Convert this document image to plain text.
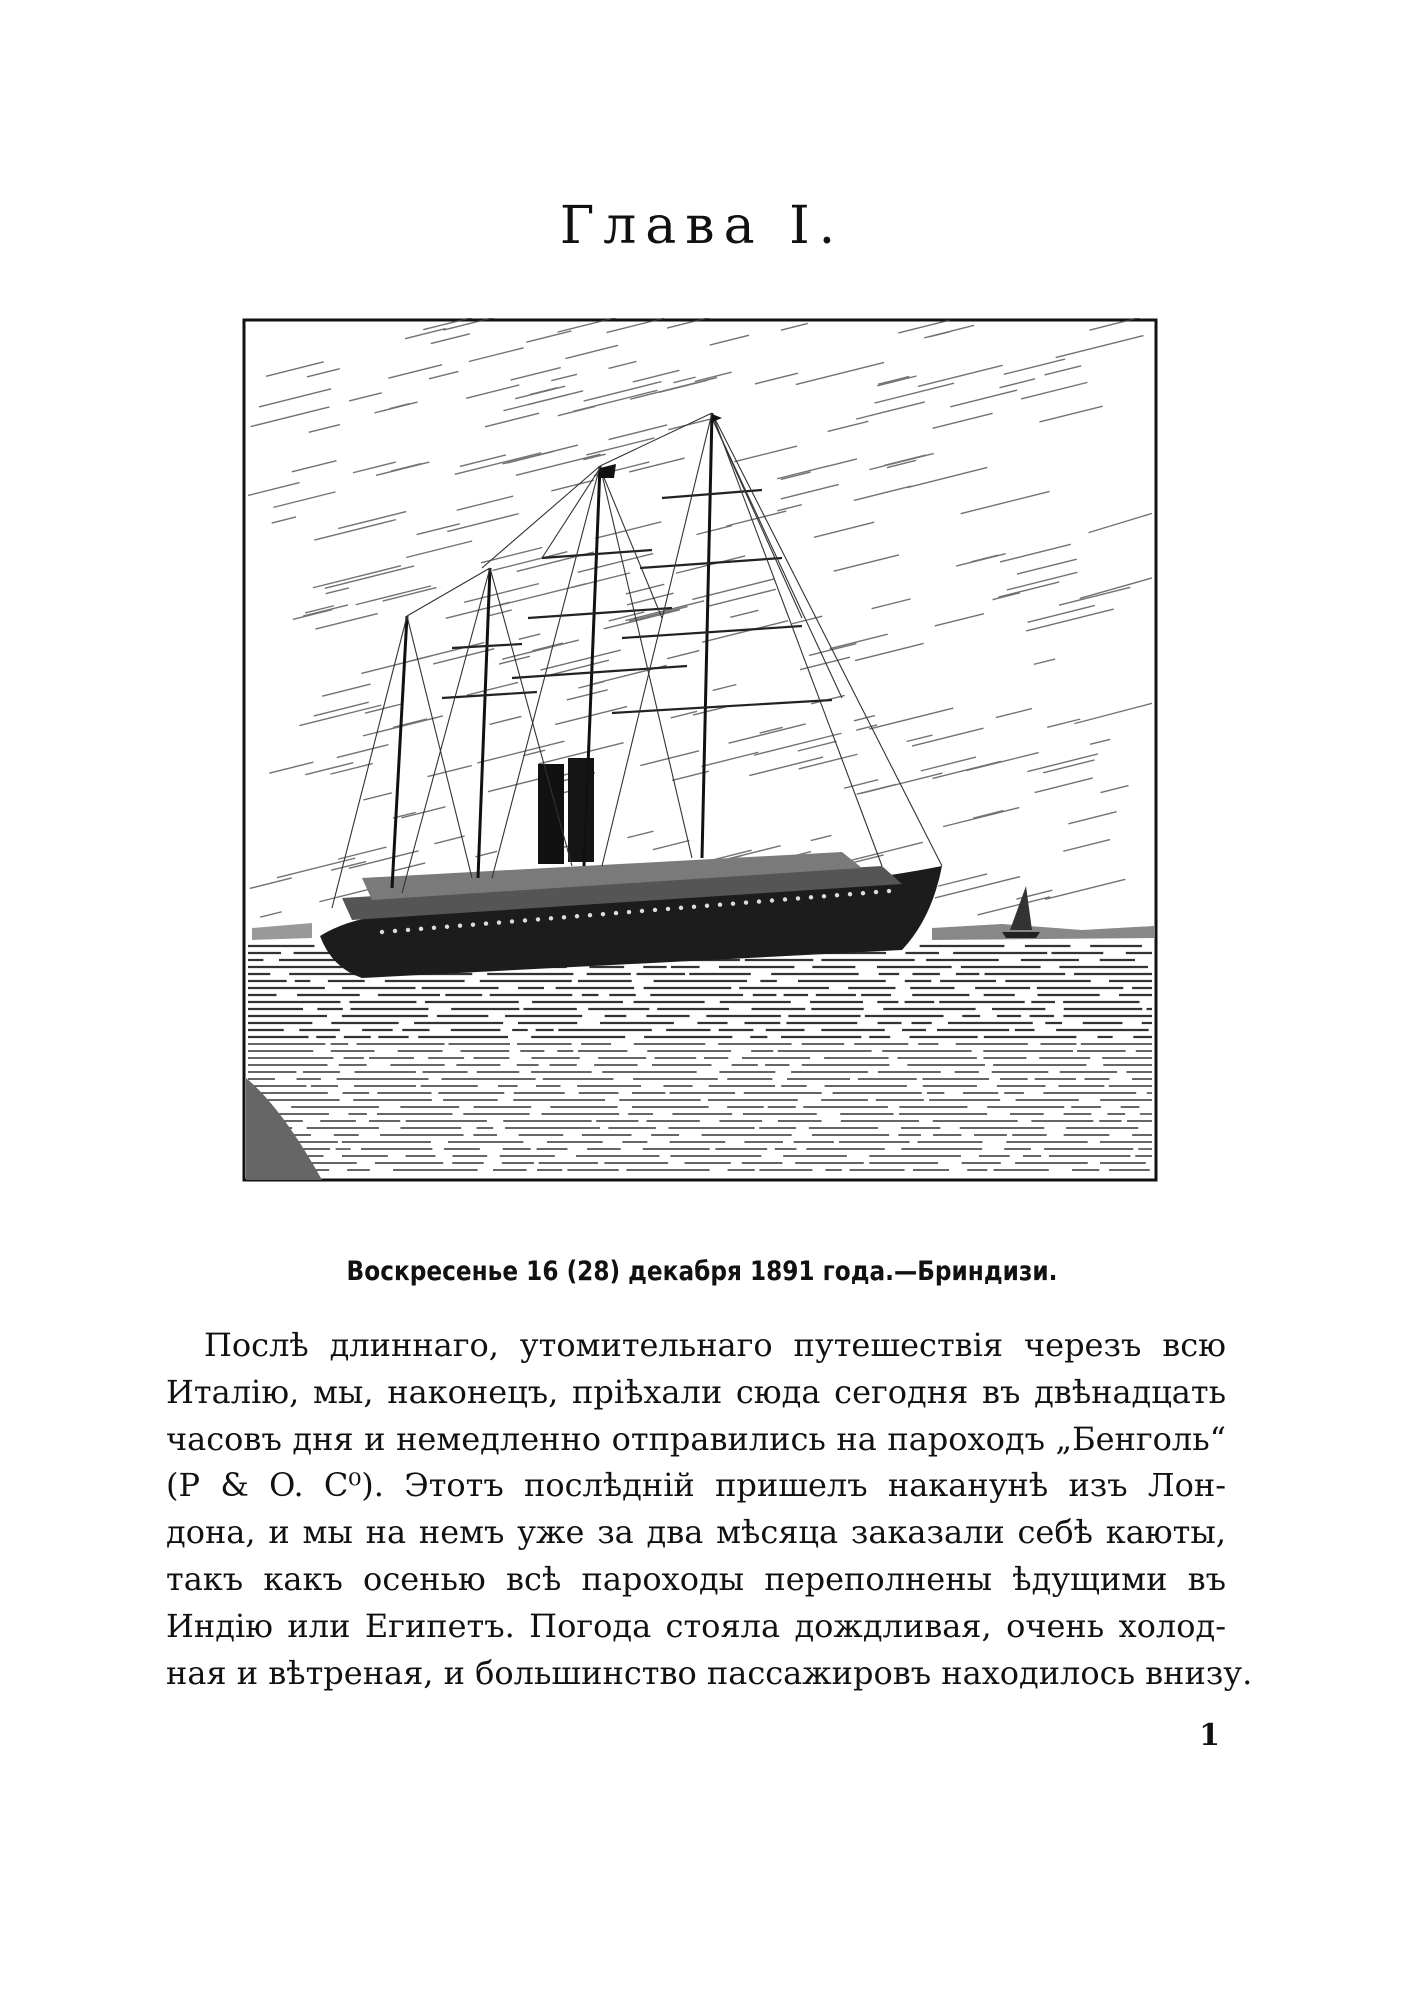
Глава I.
Воскресенье 16 (28) декабря 1891 года.—Бриндизи.
Послѣ длиннаго, утомительнаго путешествія черезъ всю
Италію, мы, наконецъ, пріѣхали сюда сегодня въ двѣнадцать
часовъ дня и немедленно отправились на пароходъ „Бенголь“
(P & O. C⁰). Этотъ послѣдній пришелъ наканунѣ изъ Лон-
дона, и мы на немъ уже за два мѣсяца заказали себѣ каюты,
такъ какъ осенью всѣ пароходы переполнены ѣдущими въ
Индію или Египетъ. Погода стояла дождливая, очень холод-
ная и вѣтреная, и большинство пассажировъ находилось внизу.
1
